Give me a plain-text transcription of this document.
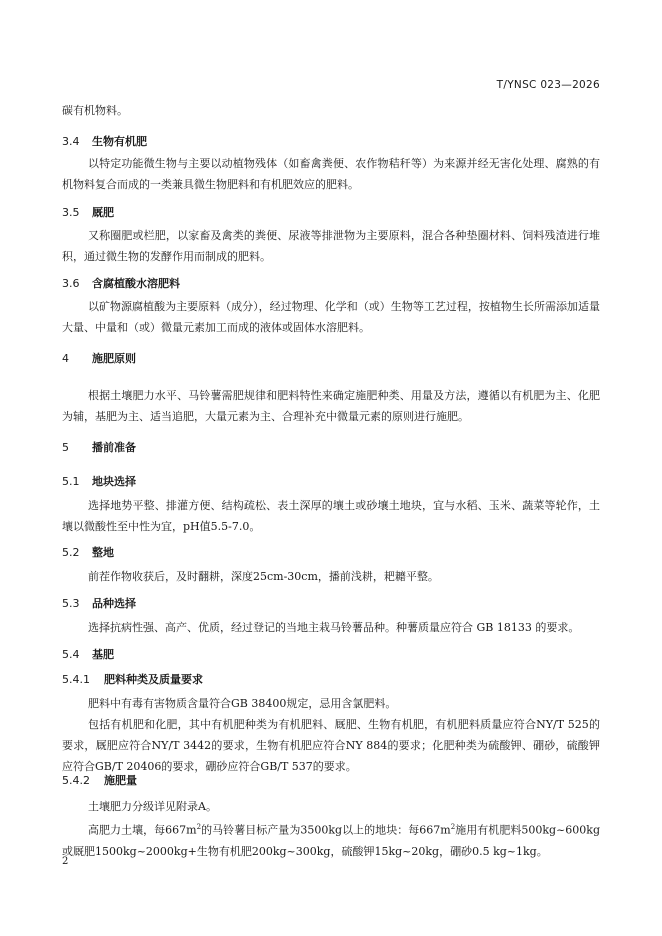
T/YNSC 023—2026

碳有机物料。

3.4 生物有机肥

以特定功能微生物与主要以动植物残体（如畜禽粪便、农作物秸秆等）为来源并经无害化处理、腐熟的有机物料复合而成的一类兼具微生物肥料和有机肥效应的肥料。

3.5 厩肥

又称圈肥或栏肥，以家畜及禽类的粪便、尿液等排泄物为主要原料，混合各种垫圈材料、饲料残渣进行堆积，通过微生物的发酵作用而制成的肥料。

3.6 含腐植酸水溶肥料

以矿物源腐植酸为主要原料（成分），经过物理、化学和（或）生物等工艺过程，按植物生长所需添加适量大量、中量和（或）微量元素加工而成的液体或固体水溶肥料。

4 施肥原则

根据土壤肥力水平、马铃薯需肥规律和肥料特性来确定施肥种类、用量及方法，遵循以有机肥为主、化肥为辅，基肥为主、适当追肥，大量元素为主、合理补充中微量元素的原则进行施肥。

5 播前准备
5.1 地块选择

选择地势平整、排灌方便、结构疏松、表土深厚的壤土或砂壤土地块，宜与水稻、玉米、蔬菜等轮作，土壤以微酸性至中性为宜，pH值5.5-7.0。

5.2 整地

前茬作物收获后，及时翻耕，深度25cm-30cm，播前浅耕，耙耱平整。

5.3 品种选择

选择抗病性强、高产、优质，经过登记的当地主栽马铃薯品种。种薯质量应符合 GB 18133 的要求。

5.4 基肥
5.4.1 肥料种类及质量要求

肥料中有毒有害物质含量符合GB 38400规定，忌用含氯肥料。

包括有机肥和化肥，其中有机肥种类为有机肥料、厩肥、生物有机肥，有机肥料质量应符合NY/T 525的要求，厩肥应符合NY/T 3442的要求，生物有机肥应符合NY 884的要求；化肥种类为硫酸钾、硼砂，硫酸钾应符合GB/T 20406的要求，硼砂应符合GB/T 537的要求。

5.4.2 施肥量

土壤肥力分级详见附录A。

高肥力土壤，每$667m^2$的马铃薯目标产量为3500kg以上的地块：每$667m^2$施用有机肥料500kg~600kg或厩肥1500kg~2000kg+生物有机肥200kg~300kg，硫酸钾15kg~20kg，硼砂0.5 kg~1kg。

2
